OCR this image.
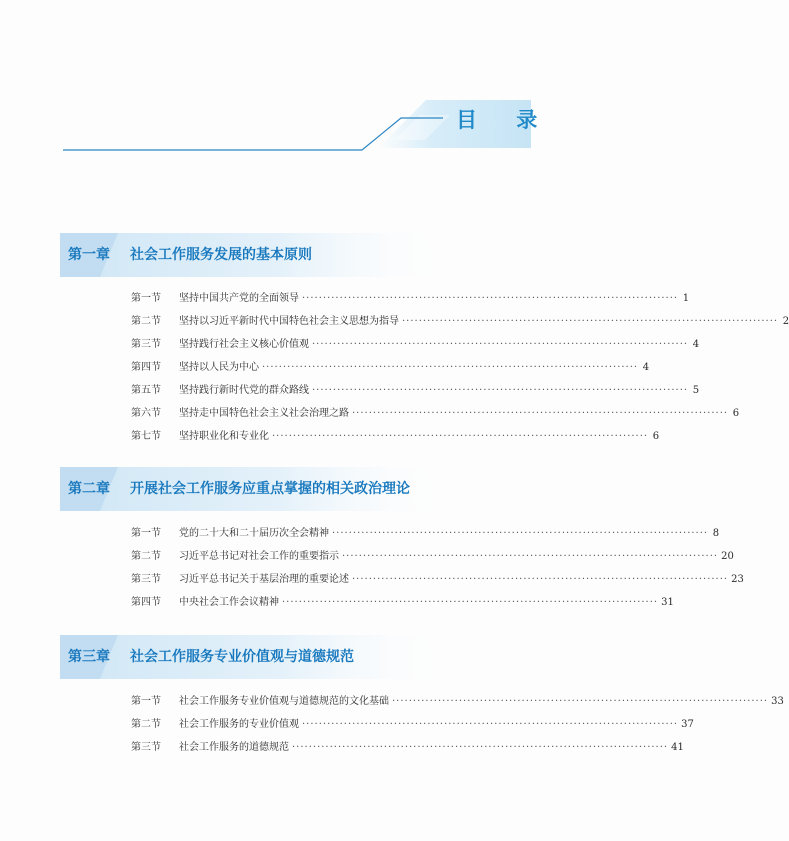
目 录
第一章 社会工作服务发展的基本原则
第一节	坚持中国共产党的全面领导 ·························································································· 1
第二节	坚持以习近平新时代中国特色社会主义思想为指导 ·························································································· 2
第三节	坚持践行社会主义核心价值观 ·························································································· 4
第四节	坚持以人民为中心 ·························································································· 4
第五节	坚持践行新时代党的群众路线 ·························································································· 5
第六节	坚持走中国特色社会主义社会治理之路 ·························································································· 6
第七节	坚持职业化和专业化 ·························································································· 6
第二章 开展社会工作服务应重点掌握的相关政治理论
第一节	党的二十大和二十届历次全会精神 ·························································································· 8
第二节	习近平总书记对社会工作的重要指示 ·························································································· 20
第三节	习近平总书记关于基层治理的重要论述 ·························································································· 23
第四节	中央社会工作会议精神 ·························································································· 31
第三章 社会工作服务专业价值观与道德规范
第一节	社会工作服务专业价值观与道德规范的文化基础 ·························································································· 33
第二节	社会工作服务的专业价值观 ·························································································· 37
第三节	社会工作服务的道德规范 ·························································································· 41
